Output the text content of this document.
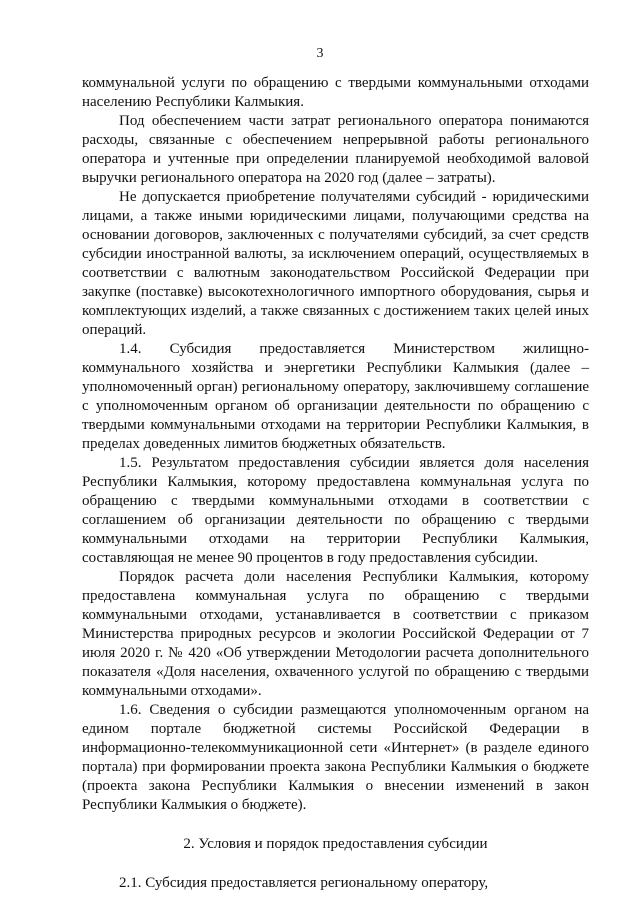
3

коммунальной услуги по обращению с твердыми коммунальными отходами населению Республики Калмыкия.

Под обеспечением части затрат регионального оператора понимаются расходы, связанные с обеспечением непрерывной работы регионального оператора и учтенные при определении планируемой необходимой валовой выручки регионального оператора на 2020 год (далее – затраты).

Не допускается приобретение получателями субсидий - юридическими лицами, а также иными юридическими лицами, получающими средства на основании договоров, заключенных с получателями субсидий, за счет средств субсидии иностранной валюты, за исключением операций, осуществляемых в соответствии с валютным законодательством Российской Федерации при закупке (поставке) высокотехнологичного импортного оборудования, сырья и комплектующих изделий, а также связанных с достижением таких целей иных операций.

1.4. Субсидия предоставляется Министерством жилищно-коммунального хозяйства и энергетики Республики Калмыкия (далее – уполномоченный орган) региональному оператору, заключившему соглашение с уполномоченным органом об организации деятельности по обращению с твердыми коммунальными отходами на территории Республики Калмыкия, в пределах доведенных лимитов бюджетных обязательств.

1.5. Результатом предоставления субсидии является доля населения Республики Калмыкия, которому предоставлена коммунальная услуга по обращению с твердыми коммунальными отходами в соответствии с соглашением об организации деятельности по обращению с твердыми коммунальными отходами на территории Республики Калмыкия, составляющая не менее 90 процентов в году предоставления субсидии.

Порядок расчета доли населения Республики Калмыкия, которому предоставлена коммунальная услуга по обращению с твердыми коммунальными отходами, устанавливается в соответствии с приказом Министерства природных ресурсов и экологии Российской Федерации от 7 июля 2020 г. № 420 «Об утверждении Методологии расчета дополнительного показателя «Доля населения, охваченного услугой по обращению с твердыми коммунальными отходами».

1.6. Сведения о субсидии размещаются уполномоченным органом на едином портале бюджетной системы Российской Федерации в информационно-телекоммуникационной сети «Интернет» (в разделе единого портала) при формировании проекта закона Республики Калмыкия о бюджете (проекта закона Республики Калмыкия о внесении изменений в закон Республики Калмыкия о бюджете).

2. Условия и порядок предоставления субсидии

2.1. Субсидия предоставляется региональному оператору,
